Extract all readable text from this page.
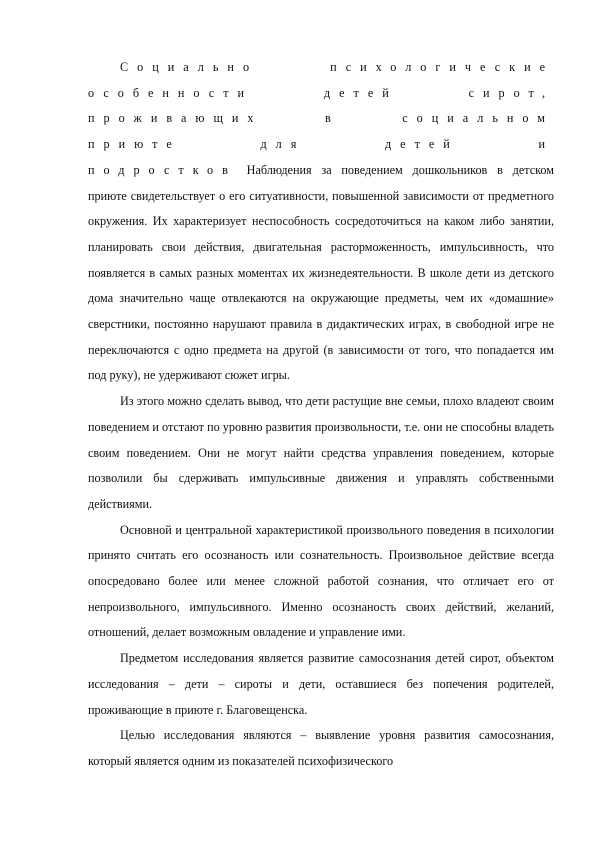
Социально психологические особенности детей сирот, проживающих в социальном приюте для детей и подростков Наблюдения за поведением дошкольников в детском приюте свидетельствует о его ситуативности, повышенной зависимости от предметного окружения. Их характеризует неспособность сосредоточиться на каком либо занятии, планировать свои действия, двигательная расторможенность, импульсивность, что появляется в самых разных моментах их жизнедеятельности. В школе дети из детского дома значительно чаще отвлекаются на окружающие предметы, чем их «домашние» сверстники, постоянно нарушают правила в дидактических играх, в свободной игре не переключаются с одно предмета на другой (в зависимости от того, что попадается им под руку), не удерживают сюжет игры.

Из этого можно сделать вывод, что дети растущие вне семьи, плохо владеют своим поведением и отстают по уровню развития произвольности, т.е. они не способны владеть своим поведением. Они не могут найти средства управления поведением, которые позволили бы сдерживать импульсивные движения и управлять собственными действиями.

Основной и центральной характеристикой произвольного поведения в психологии принято считать его осознаность или сознательность. Произвольное действие всегда опосредовано более или менее сложной работой сознания, что отличает его от непроизвольного, импульсивного. Именно осознаность своих действий, желаний, отношений, делает возможным овладение и управление ими.

Предметом исследования является развитие самосознания детей сирот, объектом исследования – дети – сироты и дети, оставшиеся без попечения родителей, проживающие в приюте г. Благовещенска.

Целью исследования являются – выявление уровня развития самосознания, который является одним из показателей психофизического
